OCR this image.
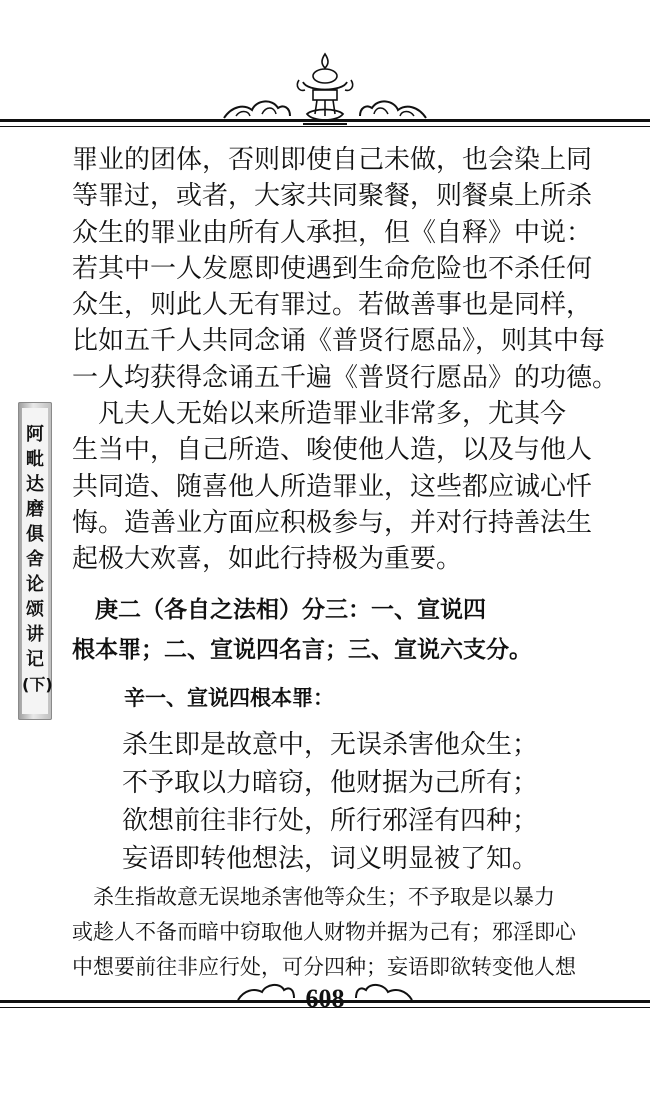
阿
毗
达
磨
俱
舍
论
颂
讲
记
(下)
罪业的团体，否则即使自己未做，也会染上同
等罪过，或者，大家共同聚餐，则餐桌上所杀
众生的罪业由所有人承担，但《自释》中说：
若其中一人发愿即使遇到生命危险也不杀任何
众生，则此人无有罪过。若做善事也是同样，
比如五千人共同念诵《普贤行愿品》，则其中每
一人均获得念诵五千遍《普贤行愿品》的功德。
　凡夫人无始以来所造罪业非常多，尤其今
生当中，自己所造、唆使他人造，以及与他人
共同造、随喜他人所造罪业，这些都应诚心忏
悔。造善业方面应积极参与，并对行持善法生
起极大欢喜，如此行持极为重要。
　庚二（各自之法相）分三：一、宣说四
根本罪；二、宣说四名言；三、宣说六支分。
辛一、宣说四根本罪：
杀生即是故意中，无误杀害他众生；
不予取以力暗窃，他财据为己所有；
欲想前往非行处，所行邪淫有四种；
妄语即转他想法，词义明显被了知。
　杀生指故意无误地杀害他等众生；不予取是以暴力
或趁人不备而暗中窃取他人财物并据为己有；邪淫即心
中想要前往非应行处，可分四种；妄语即欲转变他人想
608
